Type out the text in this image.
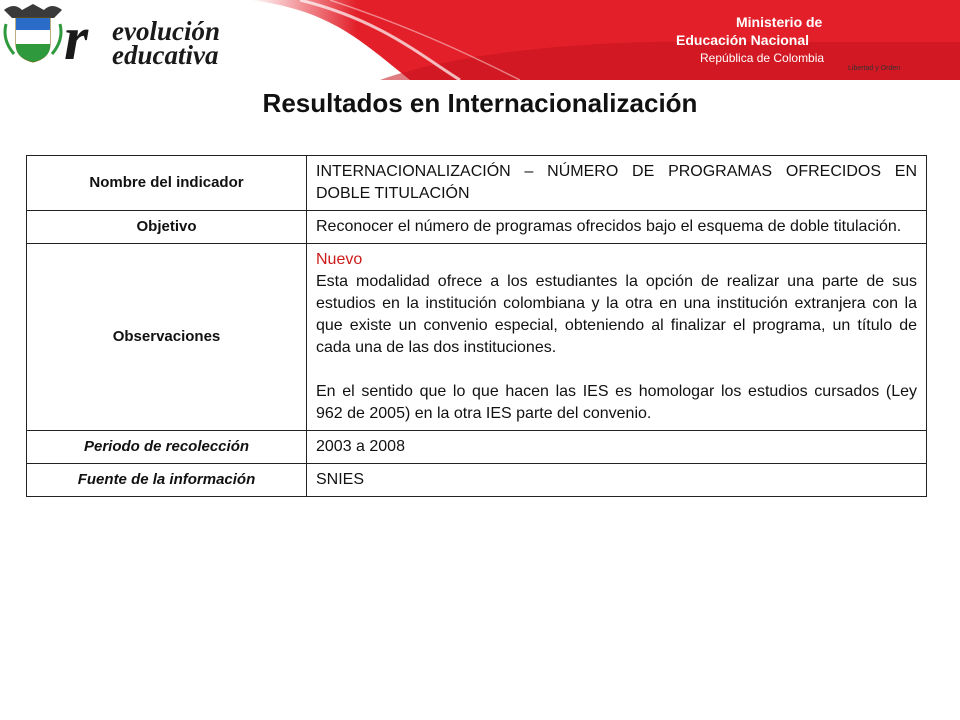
r evolución
educativa
Ministerio de
Educación Nacional
República de Colombia
Libertad y Orden
Resultados en Internacionalización
Nombre del indicador	INTERNACIONALIZACIÓN – NÚMERO DE PROGRAMAS OFRECIDOS EN DOBLE TITULACIÓN
Objetivo	Reconocer el número de programas ofrecidos bajo el esquema de doble titulación.
Observaciones	Nuevo
Esta modalidad ofrece a los estudiantes la opción de realizar una parte de sus estudios en la institución colombiana y la otra en una institución extranjera con la que existe un convenio especial, obteniendo al finalizar el programa, un título de cada una de las dos instituciones.
En el sentido que lo que hacen las IES es homologar los estudios cursados (Ley 962 de 2005) en la otra IES parte del convenio.

Periodo de recolección	2003 a 2008
Fuente de la información	SNIES
